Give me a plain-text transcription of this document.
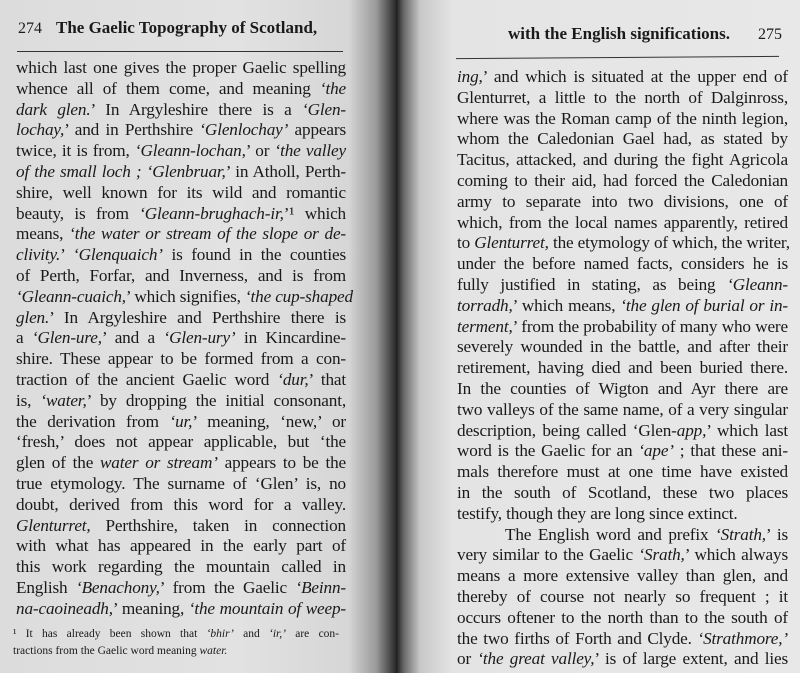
274 The Gaelic Topography of Scotland,
which last one gives the proper Gaelic spelling
whence all of them come, and meaning ‘the
dark glen.’ In Argyleshire there is a ‘Glen-
lochay,’ and in Perthshire ‘Glenlochay’ appears
twice, it is from, ‘Gleann-lochan,’ or ‘the valley
of the small loch ; ‘Glenbruar,’ in Atholl, Perth-
shire, well known for its wild and romantic
beauty, is from ‘Gleann-brughach-ir,’¹ which
means, ‘the water or stream of the slope or de-
clivity.’ ‘Glenquaich’ is found in the counties
of Perth, Forfar, and Inverness, and is from
‘Gleann-cuaich,’ which signifies, ‘the cup-shaped
glen.’ In Argyleshire and Perthshire there is
a ‘Glen-ure,’ and a ‘Glen-ury’ in Kincardine-
shire. These appear to be formed from a con-
traction of the ancient Gaelic word ‘dur,’ that
is, ‘water,’ by dropping the initial consonant,
the derivation from ‘ur,’ meaning, ‘new,’ or
‘fresh,’ does not appear applicable, but ‘the
glen of the water or stream’ appears to be the
true etymology. The surname of ‘Glen’ is, no
doubt, derived from this word for a valley.
Glenturret, Perthshire, taken in connection
with what has appeared in the early part of
this work regarding the mountain called in
English ‘Benachony,’ from the Gaelic ‘Beinn-
na-caoineadh,’ meaning, ‘the mountain of weep-
¹ It has already been shown that ‘bhir’ and ‘ir,’ are con-
tractions from the Gaelic word meaning water.
with the English significations. 275
ing,’ and which is situated at the upper end of
Glenturret, a little to the north of Dalginross,
where was the Roman camp of the ninth legion,
whom the Caledonian Gael had, as stated by
Tacitus, attacked, and during the fight Agricola
coming to their aid, had forced the Caledonian
army to separate into two divisions, one of
which, from the local names apparently, retired
to Glenturret, the etymology of which, the writer,
under the before named facts, considers he is
fully justified in stating, as being ‘Gleann-
torradh,’ which means, ‘the glen of burial or in-
terment,’ from the probability of many who were
severely wounded in the battle, and after their
retirement, having died and been buried there.
In the counties of Wigton and Ayr there are
two valleys of the same name, of a very singular
description, being called ‘Glen-app,’ which last
word is the Gaelic for an ‘ape’ ; that these ani-
mals therefore must at one time have existed
in the south of Scotland, these two places
testify, though they are long since extinct.
The English word and prefix ‘Strath,’ is
very similar to the Gaelic ‘Srath,’ which always
means a more extensive valley than glen, and
thereby of course not nearly so frequent ; it
occurs oftener to the north than to the south of
the two firths of Forth and Clyde. ‘Strathmore,’
or ‘the great valley,’ is of large extent, and lies
